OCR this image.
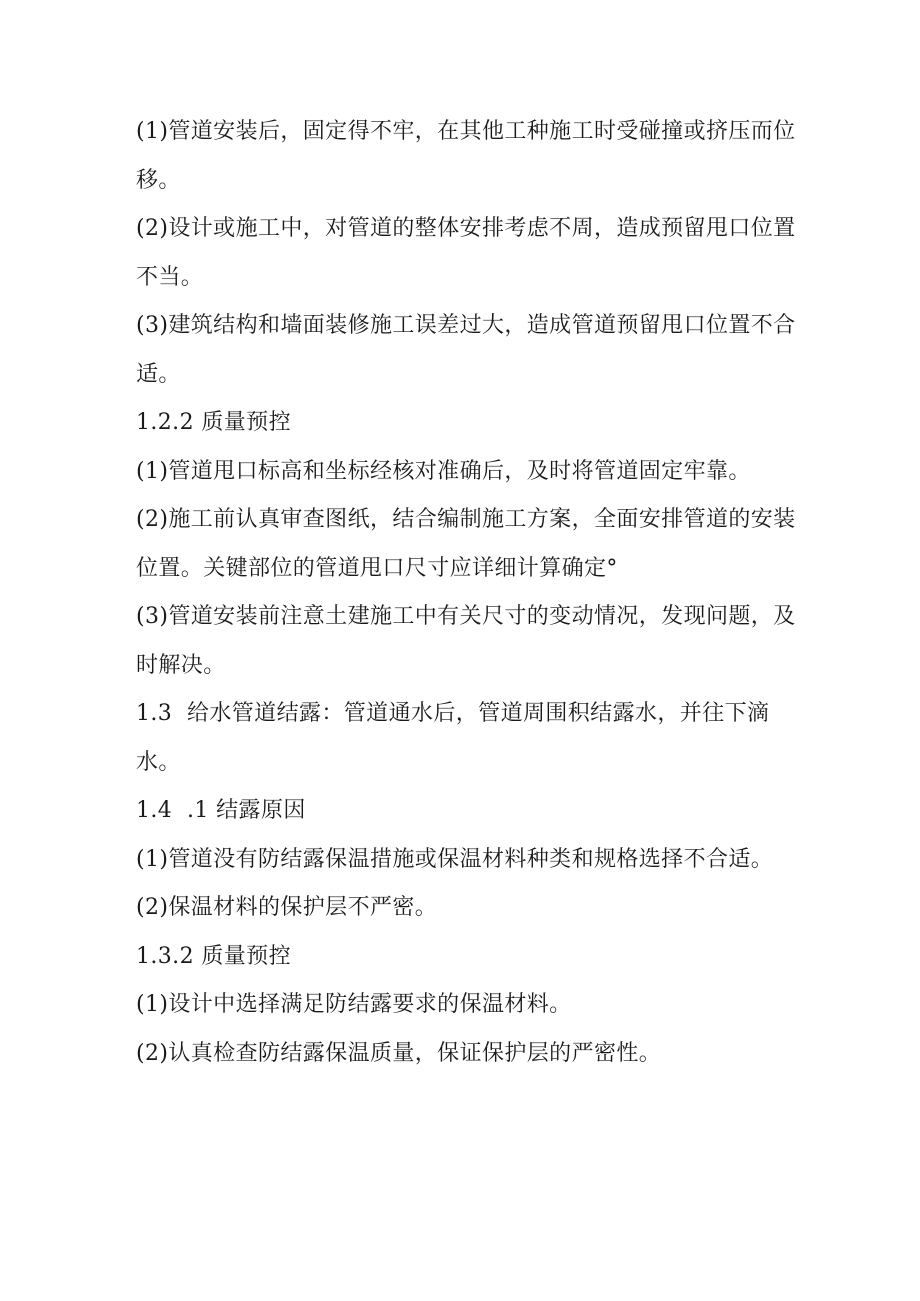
(1)管道安装后，固定得不牢，在其他工种施工时受碰撞或挤压而位

移。

(2)设计或施工中，对管道的整体安排考虑不周，造成预留甩口位置

不当。

(3)建筑结构和墙面装修施工误差过大，造成管道预留甩口位置不合

适。

1.2.2 质量预控

(1)管道甩口标高和坐标经核对准确后，及时将管道固定牢靠。

(2)施工前认真审查图纸，结合编制施工方案，全面安排管道的安装

位置。关键部位的管道甩口尺寸应详细计算确定°

(3)管道安装前注意土建施工中有关尺寸的变动情况，发现问题，及

时解决。

1.3  给水管道结露：管道通水后，管道周围积结露水，并往下滴

水。

1.4  .1 结露原因

(1)管道没有防结露保温措施或保温材料种类和规格选择不合适。

(2)保温材料的保护层不严密。

1.3.2 质量预控

(1)设计中选择满足防结露要求的保温材料。

(2)认真检查防结露保温质量，保证保护层的严密性。
